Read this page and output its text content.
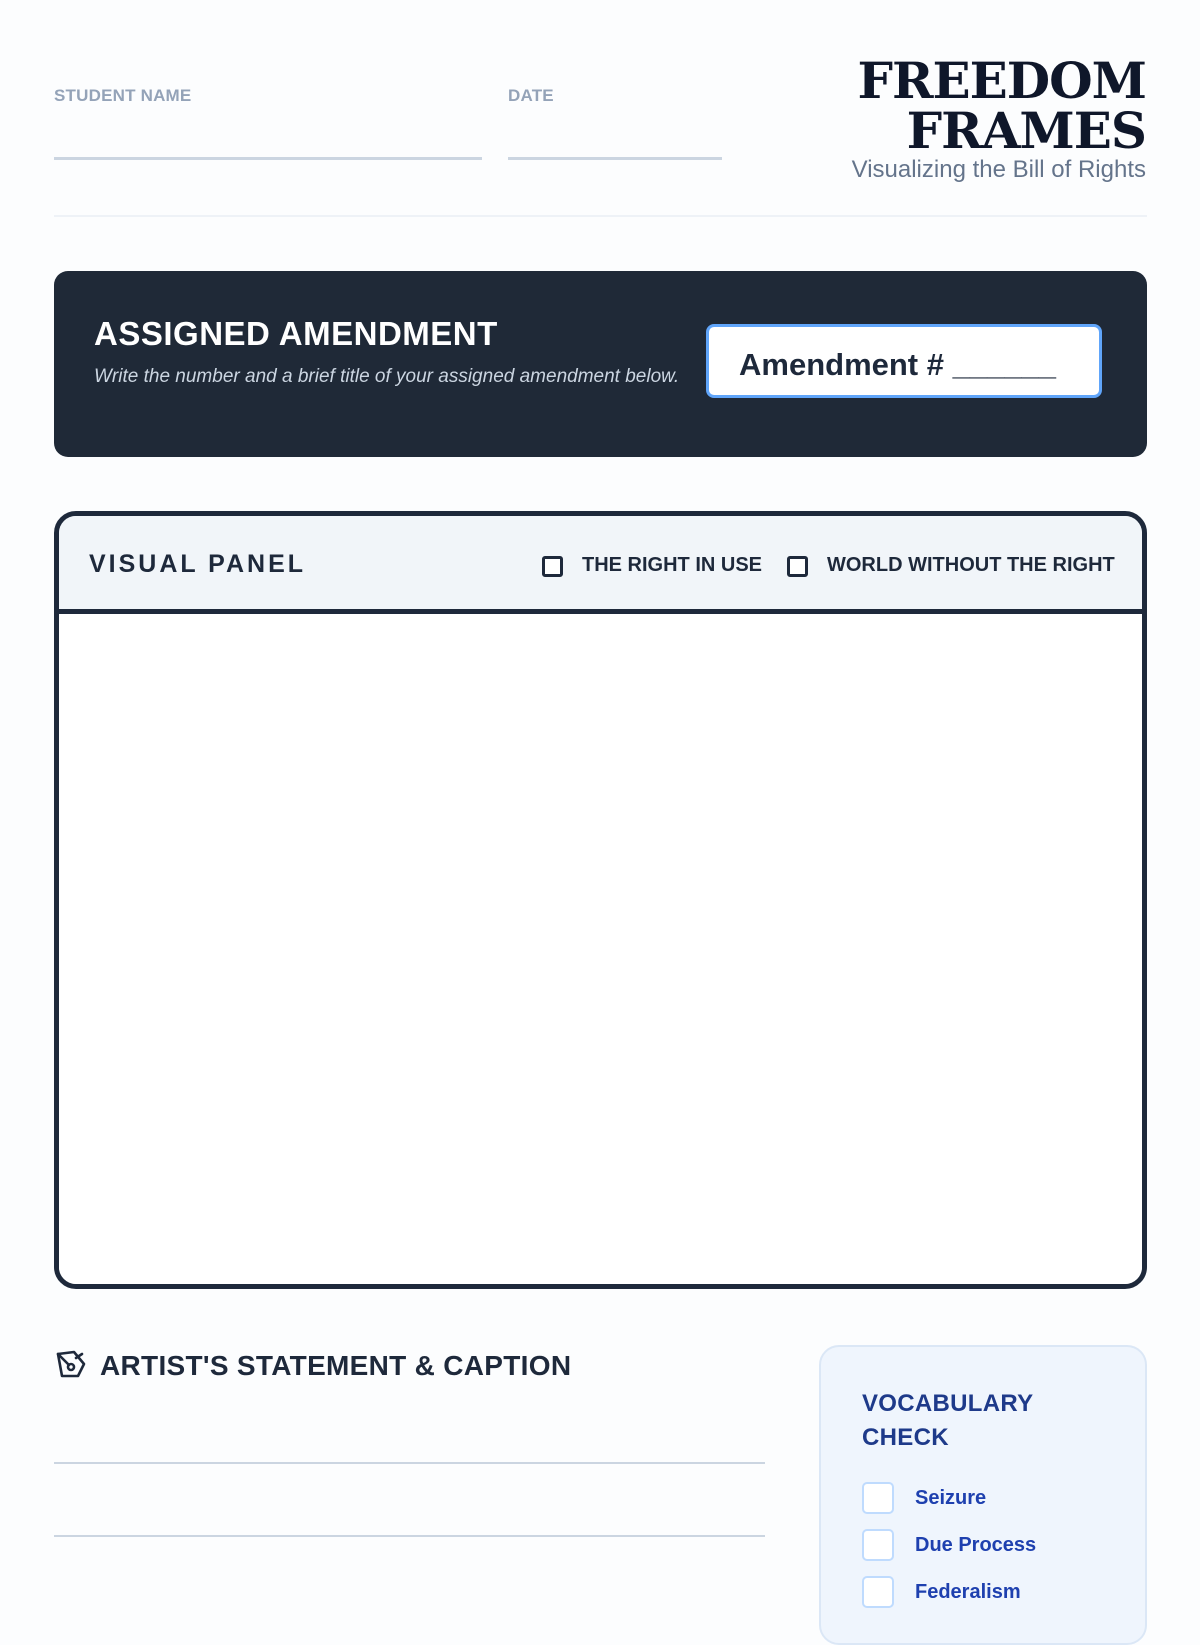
STUDENT NAME	DATE	FREEDOM
FRAMES
Visualizing the Bill of Rights
ASSIGNED AMENDMENT
Write the number and a brief title of your assigned amendment below.	Amendment # ______
VISUAL PANEL	THE RIGHT IN USE	WORLD WITHOUT THE RIGHT
ARTIST'S STATEMENT & CAPTION
VOCABULARY CHECK
Seizure
Due Process
Federalism
